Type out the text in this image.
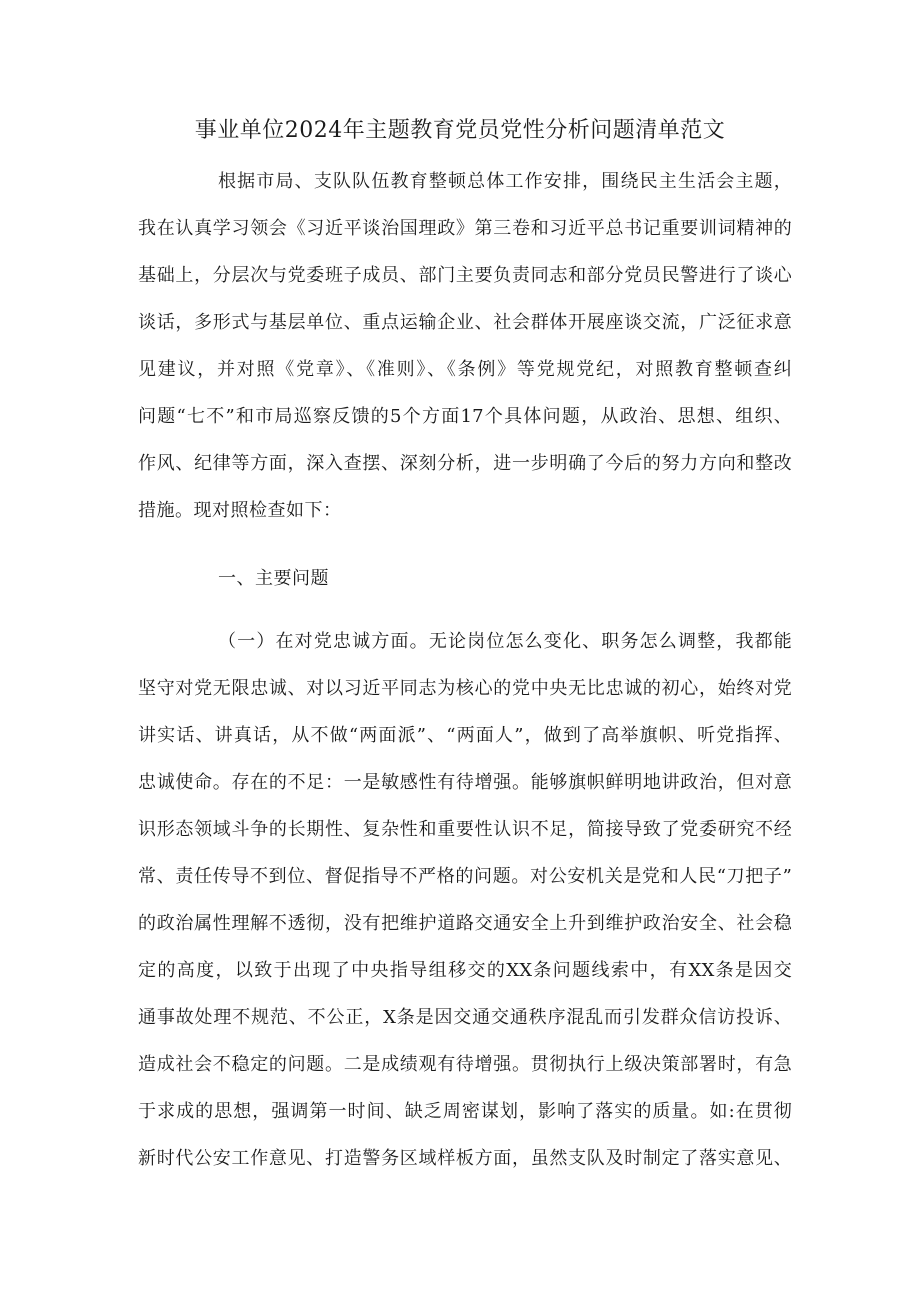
事业单位2024年主题教育党员党性分析问题清单范文
根据市局、支队队伍教育整顿总体工作安排，围绕民主生活会主题，
我在认真学习领会《习近平谈治国理政》第三卷和习近平总书记重要训词精神的
基础上，分层次与党委班子成员、部门主要负责同志和部分党员民警进行了谈心
谈话，多形式与基层单位、重点运输企业、社会群体开展座谈交流，广泛征求意
见建议，并对照《党章》、《准则》、《条例》等党规党纪，对照教育整顿查纠
问题“七不”和市局巡察反馈的5个方面17个具体问题，从政治、思想、组织、
作风、纪律等方面，深入查摆、深刻分析，进一步明确了今后的努力方向和整改
措施。现对照检查如下：
一、主要问题
（一）在对党忠诚方面。无论岗位怎么变化、职务怎么调整，我都能
坚守对党无限忠诚、对以习近平同志为核心的党中央无比忠诚的初心，始终对党
讲实话、讲真话，从不做“两面派”、“两面人”，做到了高举旗帜、听党指挥、
忠诚使命。存在的不足：一是敏感性有待增强。能够旗帜鲜明地讲政治，但对意
识形态领域斗争的长期性、复杂性和重要性认识不足，简接导致了党委研究不经
常、责任传导不到位、督促指导不严格的问题。对公安机关是党和人民“刀把子”
的政治属性理解不透彻，没有把维护道路交通安全上升到维护政治安全、社会稳
定的高度，以致于出现了中央指导组移交的XX条问题线索中，有XX条是因交
通事故处理不规范、不公正，X条是因交通交通秩序混乱而引发群众信访投诉、
造成社会不稳定的问题。二是成绩观有待增强。贯彻执行上级决策部署时，有急
于求成的思想，强调第一时间、缺乏周密谋划，影响了落实的质量。如:在贯彻
新时代公安工作意见、打造警务区域样板方面，虽然支队及时制定了落实意见、
